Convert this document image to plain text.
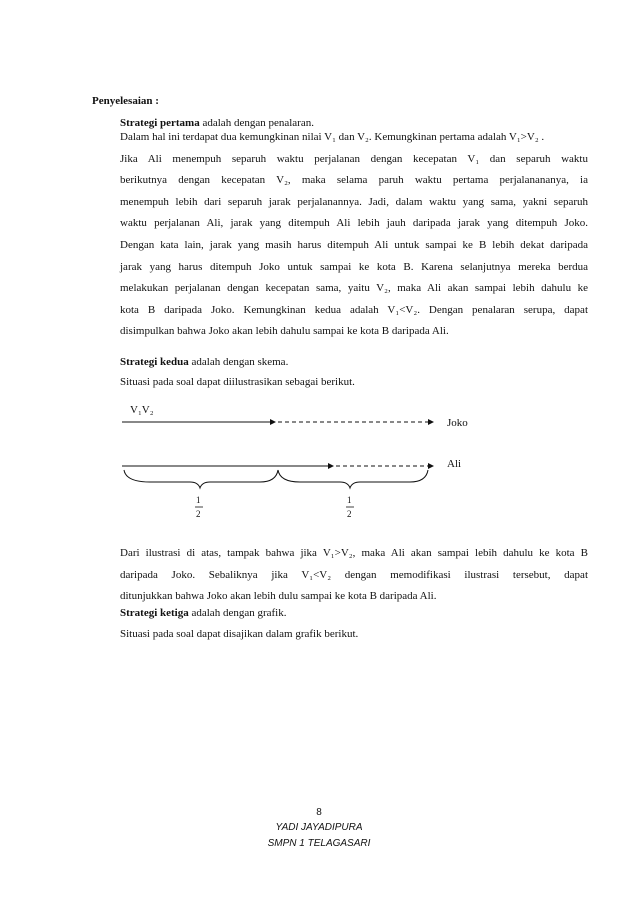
Penyelesaian :
Strategi pertama adalah dengan penalaran.

Dalam hal ini terdapat dua kemungkinan nilai V₁ dan V₂. Kemungkinan pertama adalah V₁>V₂ .

Jika Ali menempuh separuh waktu perjalanan dengan kecepatan V₁ dan separuh waktu

berikutnya dengan kecepatan V₂, maka selama paruh waktu pertama perjalanananya, ia

menempuh lebih dari separuh jarak perjalanannya. Jadi, dalam waktu yang sama, yakni separuh

waktu perjalanan Ali, jarak yang ditempuh Ali lebih jauh daripada jarak yang ditempuh Joko.

Dengan kata lain, jarak yang masih harus ditempuh Ali untuk sampai ke B lebih dekat daripada

jarak yang harus ditempuh Joko untuk sampai ke kota B. Karena selanjutnya mereka berdua

melakukan perjalanan dengan kecepatan sama, yaitu V₂, maka Ali akan sampai lebih dahulu ke

kota B daripada Joko. Kemungkinan kedua adalah V₁<V₂. Dengan penalaran serupa, dapat

disimpulkan bahwa Joko akan lebih dahulu sampai ke kota B daripada Ali.

Strategi kedua adalah dengan skema.
Situasi pada soal dapat diilustrasikan sebagai berikut.
V₁V₂
Joko
Ali
1
2
1
2

Dari ilustrasi di atas, tampak bahwa jika V₁>V₂, maka Ali akan sampai lebih dahulu ke kota B

daripada Joko. Sebaliknya jika V₁<V₂ dengan memodifikasi ilustrasi tersebut, dapat

ditunjukkan bahwa Joko akan lebih dulu sampai ke kota B daripada Ali.

Strategi ketiga adalah dengan grafik.
Situasi pada soal dapat disajikan dalam grafik berikut.
8
YADI JAYADIPURA
SMPN 1 TELAGASARI
